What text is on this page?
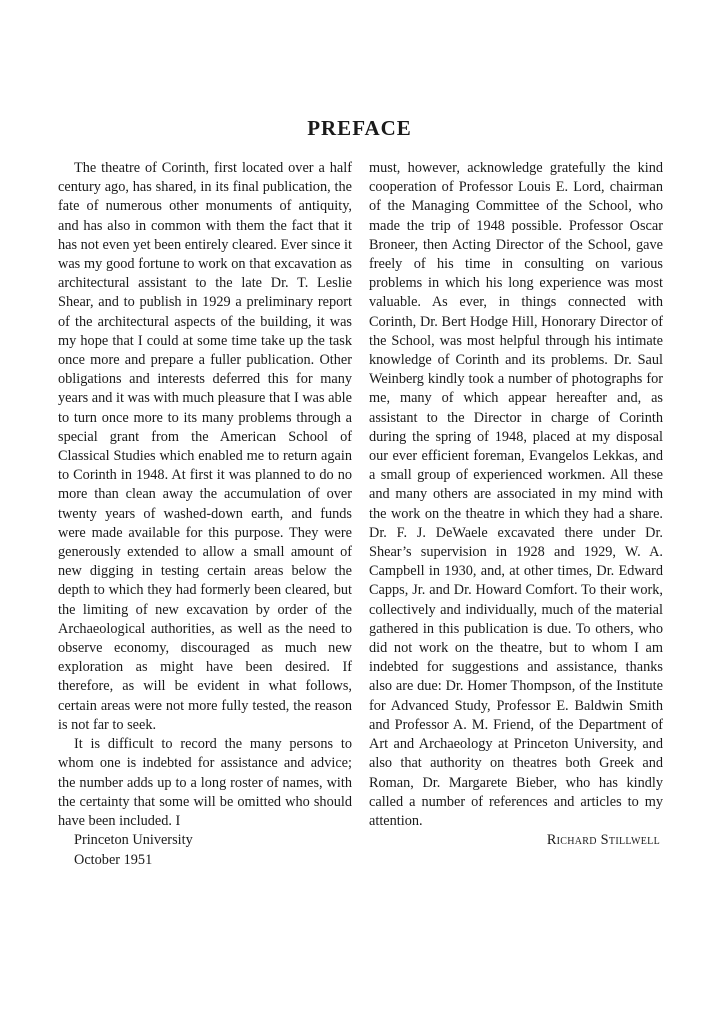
PREFACE

The theatre of Corinth, first located over a half century ago, has shared, in its final publication, the fate of numerous other monuments of antiquity, and has also in common with them the fact that it has not even yet been entirely cleared. Ever since it was my good fortune to work on that excavation as architectural assistant to the late Dr. T. Leslie Shear, and to publish in 1929 a preliminary report of the architectural aspects of the building, it was my hope that I could at some time take up the task once more and prepare a fuller publication. Other obligations and interests deferred this for many years and it was with much pleasure that I was able to turn once more to its many problems through a special grant from the American School of Classical Studies which enabled me to return again to Corinth in 1948. At first it was planned to do no more than clean away the accumulation of over twenty years of washed-down earth, and funds were made available for this purpose. They were generously extended to allow a small amount of new digging in testing certain areas below the depth to which they had formerly been cleared, but the limiting of new excavation by order of the Archaeological authorities, as well as the need to observe economy, discouraged as much new exploration as might have been desired. If therefore, as will be evident in what follows, certain areas were not more fully tested, the reason is not far to seek.

It is difficult to record the many persons to whom one is indebted for assistance and advice; the number adds up to a long roster of names, with the certainty that some will be omitted who should have been included. I

Princeton University
October 1951

must, however, acknowledge gratefully the kind cooperation of Professor Louis E. Lord, chairman of the Managing Committee of the School, who made the trip of 1948 possible. Professor Oscar Broneer, then Acting Director of the School, gave freely of his time in consulting on various problems in which his long experience was most valuable. As ever, in things connected with Corinth, Dr. Bert Hodge Hill, Honorary Director of the School, was most helpful through his intimate knowledge of Corinth and its problems. Dr. Saul Weinberg kindly took a number of photographs for me, many of which appear hereafter and, as assistant to the Director in charge of Corinth during the spring of 1948, placed at my disposal our ever efficient foreman, Evangelos Lekkas, and a small group of experienced workmen. All these and many others are associated in my mind with the work on the theatre in which they had a share. Dr. F. J. DeWaele excavated there under Dr. Shear’s supervision in 1928 and 1929, W. A. Campbell in 1930, and, at other times, Dr. Edward Capps, Jr. and Dr. Howard Comfort. To their work, collectively and individually, much of the material gathered in this publication is due. To others, who did not work on the theatre, but to whom I am indebted for suggestions and assistance, thanks also are due: Dr. Homer Thompson, of the Institute for Advanced Study, Professor E. Baldwin Smith and Professor A. M. Friend, of the Department of Art and Archaeology at Princeton University, and also that authority on theatres both Greek and Roman, Dr. Margarete Bieber, who has kindly called a number of references and articles to my attention.

Richard Stillwell
